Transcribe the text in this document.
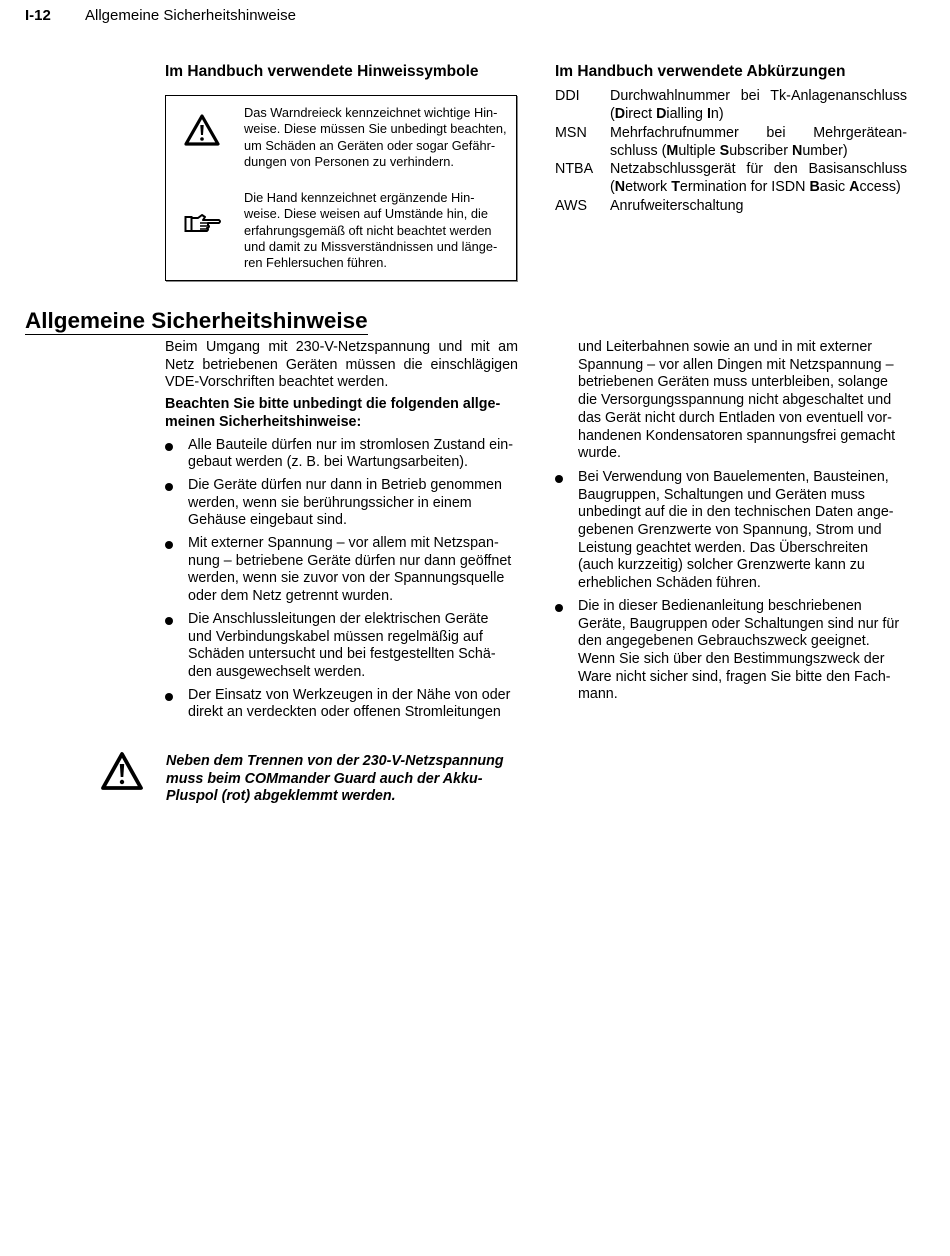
I-12 Allgemeine Sicherheitshinweise
Im Handbuch verwendete Hinweissymbole
Das Warndreieck kennzeichnet wichtige Hin-
weise. Diese müssen Sie unbedingt beachten,
um Schäden an Geräten oder sogar Gefähr-
dungen von Personen zu verhindern.
Die Hand kennzeichnet ergänzende Hin-
weise. Diese weisen auf Umstände hin, die
erfahrungsgemäß oft nicht beachtet werden
und damit zu Missverständnissen und länge-
ren Fehlersuchen führen.
Im Handbuch verwendete Abkürzungen
DDI Durchwahlnummer bei Tk-Anlagenanschluss
(Direct Dialling In)
MSN Mehrfachrufnummer bei Mehrgerätean-
schluss (Multiple Subscriber Number)
NTBA Netzabschlussgerät für den Basisanschluss
(Network Termination for ISDN Basic Access)
AWS Anrufweiterschaltung
Allgemeine Sicherheitshinweise

Beim Umgang mit 230-V-Netzspannung und mit am Netz betriebenen Geräten müssen die einschlägigen VDE-Vorschriften beachtet werden.

Beachten Sie bitte unbedingt die folgenden allge-
meinen Sicherheitshinweise:

Alle Bauteile dürfen nur im stromlosen Zustand ein-
gebaut werden (z. B. bei Wartungsarbeiten).
Die Geräte dürfen nur dann in Betrieb genommen
werden, wenn sie berührungssicher in einem
Gehäuse eingebaut sind.
Mit externer Spannung – vor allem mit Netzspan-
nung – betriebene Geräte dürfen nur dann geöffnet
werden, wenn sie zuvor von der Spannungsquelle
oder dem Netz getrennt wurden.
Die Anschlussleitungen der elektrischen Geräte
und Verbindungskabel müssen regelmäßig auf
Schäden untersucht und bei festgestellten Schä-
den ausgewechselt werden.
Der Einsatz von Werkzeugen in der Nähe von oder
direkt an verdeckten oder offenen Stromleitungen
und Leiterbahnen sowie an und in mit externer
Spannung – vor allen Dingen mit Netzspannung –
betriebenen Geräten muss unterbleiben, solange
die Versorgungsspannung nicht abgeschaltet und
das Gerät nicht durch Entladen von eventuell vor-
handenen Kondensatoren spannungsfrei gemacht
wurde.
Bei Verwendung von Bauelementen, Bausteinen,
Baugruppen, Schaltungen und Geräten muss
unbedingt auf die in den technischen Daten ange-
gebenen Grenzwerte von Spannung, Strom und
Leistung geachtet werden. Das Überschreiten
(auch kurzzeitig) solcher Grenzwerte kann zu
erheblichen Schäden führen.
Die in dieser Bedienanleitung beschriebenen
Geräte, Baugruppen oder Schaltungen sind nur für
den angegebenen Gebrauchszweck geeignet.
Wenn Sie sich über den Bestimmungszweck der
Ware nicht sicher sind, fragen Sie bitte den Fach-
mann.
Neben dem Trennen von der 230-V-Netzspannung
muss beim COMmander Guard auch der Akku-
Pluspol (rot) abgeklemmt werden.
